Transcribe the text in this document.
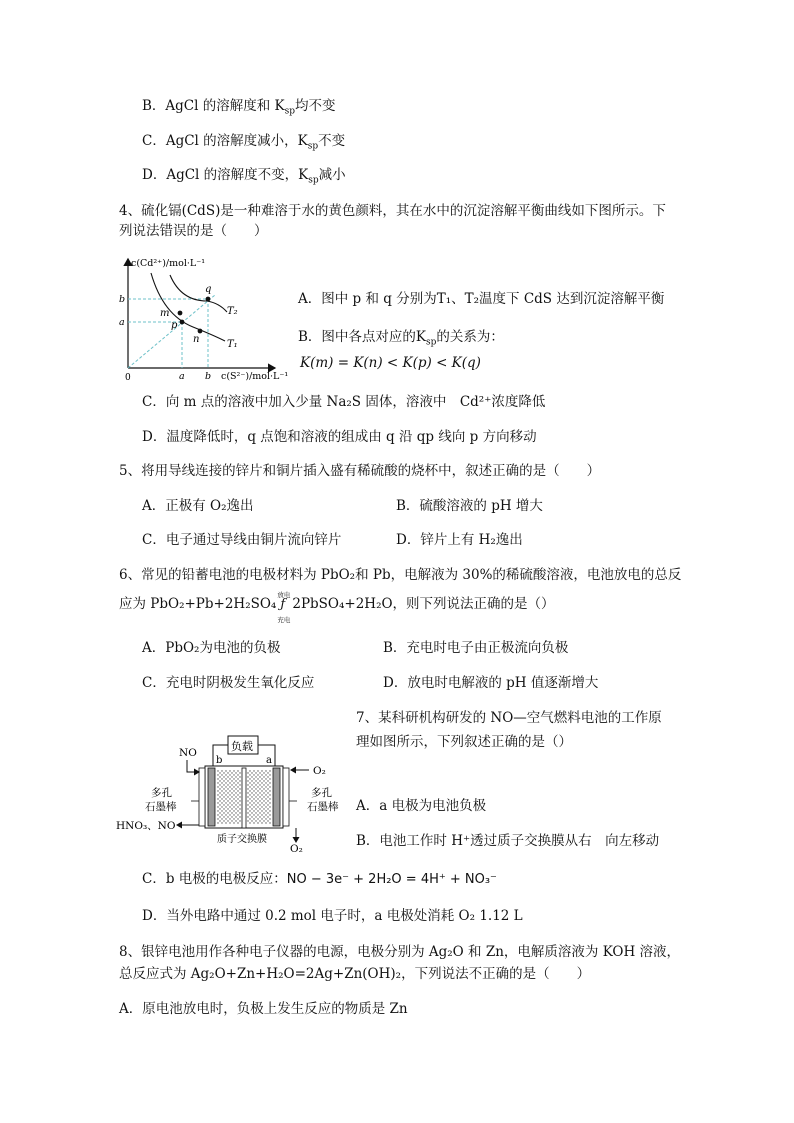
B．AgCl 的溶解度和 $K_{sp}$均不变
C．AgCl 的溶解度减小，$K_{sp}$不变
D．AgCl 的溶解度不变，$K_{sp}$减小
4、硫化镉(CdS)是一种难溶于水的黄色颜料，其在水中的沉淀溶解平衡曲线如下图所示。下
列说法错误的是（　　）
c(Cd²⁺)/mol·L⁻¹
c(S²⁻)/mol·L⁻¹
0
b
a
a b
m
p
n
q
T₂
T₁
A．图中 p 和 q 分别为T₁、T₂温度下 CdS 达到沉淀溶解平衡
B．图中各点对应的$K_{sp}$的关系为：
K(m) = K(n) < K(p) < K(q)
C．向 m 点的溶液中加入少量 Na₂S 固体，溶液中　Cd²⁺浓度降低
D．温度降低时，q 点饱和溶液的组成由 q 沿 qp 线向 p 方向移动
5、将用导线连接的锌片和铜片插入盛有稀硫酸的烧杯中，叙述正确的是（　　）
A．正极有 O₂逸出	B．硫酸溶液的 pH 增大
C．电子通过导线由铜片流向锌片	D．锌片上有 H₂逸出
6、常见的铅蓄电池的电极材料为 PbO₂和 Pb，电解液为 30%的稀硫酸溶液，电池放电的总反
应为 PbO₂+Pb+2H₂SO₄
放电
ƒ
充电
2PbSO₄+2H₂O，则下列说法正确的是（）
A．PbO₂为电池的负极	B．充电时电子由正极流向负极
C．充电时阴极发生氧化反应	D．放电时电解液的 pH 值逐渐增大
7、某科研机构研发的 NO—空气燃料电池的工作原
理如图所示，下列叙述正确的是（）
负载
b	a
NO
O₂
多孔
石墨棒
多孔
石墨棒
HNO₃、NO
O₂
质子交换膜
A．a 电极为电池负极
B．电池工作时 H⁺透过质子交换膜从右　向左移动
C．b 电极的电极反应：NO − 3e⁻ + 2H₂O = 4H⁺ + NO₃⁻
D．当外电路中通过 0.2 mol 电子时，a 电极处消耗 O₂ 1.12 L
8、银锌电池用作各种电子仪器的电源，电极分别为 Ag₂O 和 Zn，电解质溶液为 KOH 溶液，
总反应式为 Ag₂O+Zn+H₂O=2Ag+Zn(OH)₂，下列说法不正确的是（　　）
A．原电池放电时，负极上发生反应的物质是 Zn
